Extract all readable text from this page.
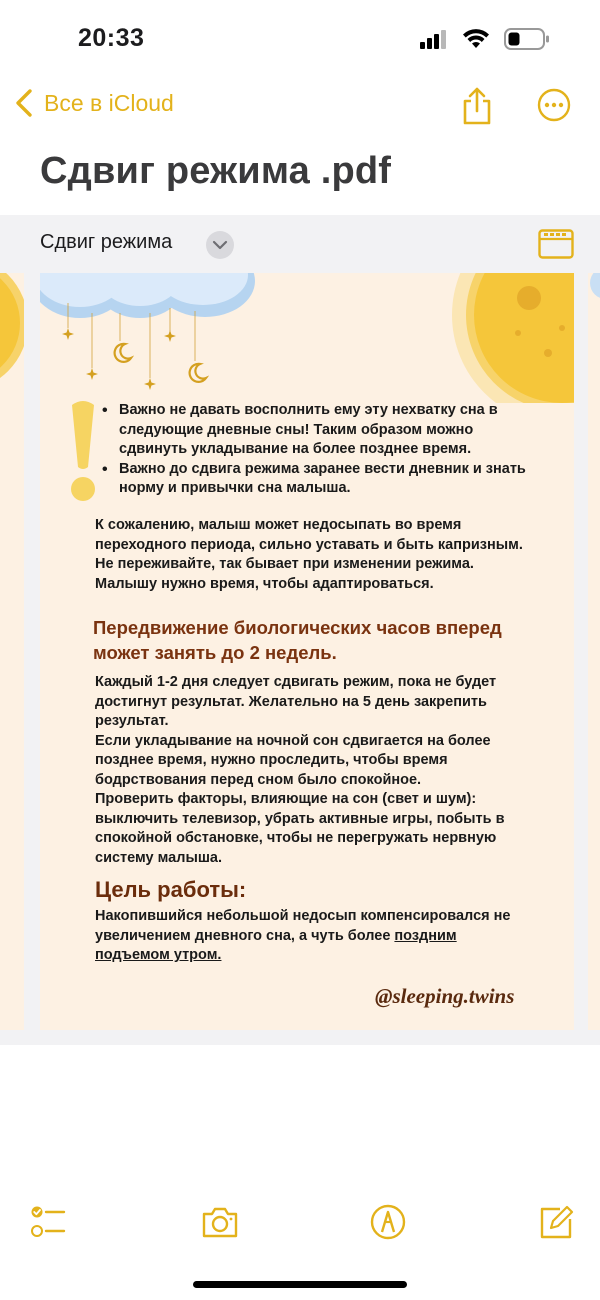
20:33
Все в iCloud
Сдвиг режима .pdf
Сдвиг режима
• Важно не давать восполнить ему эту нехватку сна в следующие дневные сны! Таким образом можно сдвинуть укладывание на более позднее время.
• Важно до сдвига режима заранее вести дневник и знать норму и привычки сна малыша.
К сожалению, малыш может недосыпать во время переходного периода, сильно уставать и быть капризным. Не переживайте, так бывает при изменении режима. Малышу нужно время, чтобы адаптироваться.
Передвижение биологических часов вперед может занять до 2 недель.
Каждый 1-2 дня следует сдвигать режим, пока не будет достигнут результат. Желательно на 5 день закрепить результат.
Если укладывание на ночной сон сдвигается на более позднее время, нужно проследить, чтобы время бодрствования перед сном было спокойное.
Проверить факторы, влияющие на сон (свет и шум): выключить телевизор, убрать активные игры, побыть в спокойной обстановке, чтобы не перегружать нервную систему малыша.
Цель работы:
Накопившийся небольшой недосып компенсировался не увеличением дневного сна, а чуть более поздним подъемом утром.
@sleeping.twins
